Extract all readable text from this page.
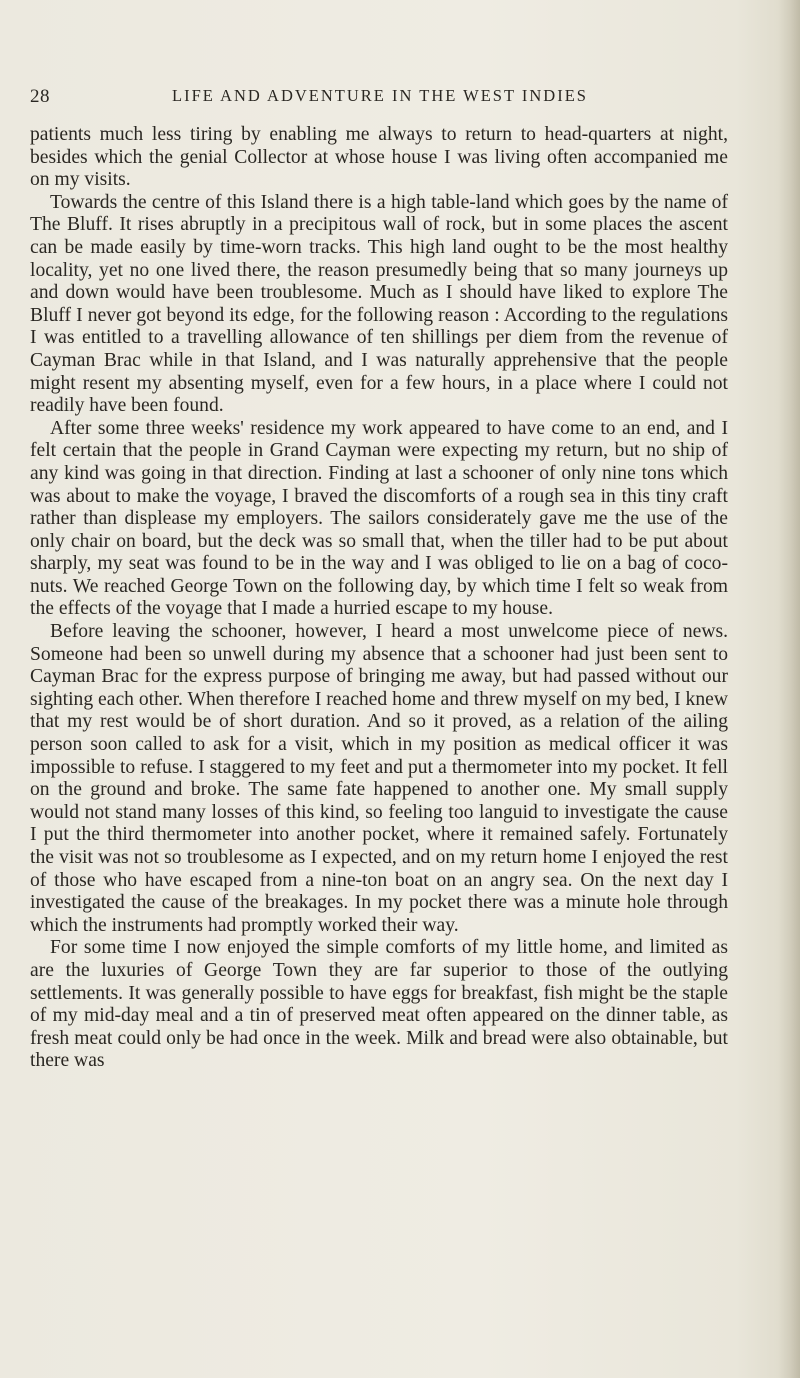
28	LIFE AND ADVENTURE IN THE WEST INDIES

patients much less tiring by enabling me always to return to head-quarters at night, besides which the genial Collector at whose house I was living often accompanied me on my visits.

Towards the centre of this Island there is a high table-land which goes by the name of The Bluff. It rises abruptly in a precipitous wall of rock, but in some places the ascent can be made easily by time-worn tracks. This high land ought to be the most healthy locality, yet no one lived there, the reason presumedly being that so many journeys up and down would have been troublesome. Much as I should have liked to explore The Bluff I never got beyond its edge, for the following reason : According to the regulations I was entitled to a travelling allowance of ten shillings per diem from the revenue of Cayman Brac while in that Island, and I was naturally apprehensive that the people might resent my absenting myself, even for a few hours, in a place where I could not readily have been found.

After some three weeks' residence my work appeared to have come to an end, and I felt certain that the people in Grand Cayman were expecting my return, but no ship of any kind was going in that direction. Finding at last a schooner of only nine tons which was about to make the voyage, I braved the discomforts of a rough sea in this tiny craft rather than displease my employers. The sailors considerately gave me the use of the only chair on board, but the deck was so small that, when the tiller had to be put about sharply, my seat was found to be in the way and I was obliged to lie on a bag of coco-nuts. We reached George Town on the following day, by which time I felt so weak from the effects of the voyage that I made a hurried escape to my house.

Before leaving the schooner, however, I heard a most unwelcome piece of news. Someone had been so unwell during my absence that a schooner had just been sent to Cayman Brac for the express purpose of bringing me away, but had passed without our sighting each other. When therefore I reached home and threw myself on my bed, I knew that my rest would be of short duration. And so it proved, as a relation of the ailing person soon called to ask for a visit, which in my position as medical officer it was impossible to refuse. I staggered to my feet and put a thermometer into my pocket. It fell on the ground and broke. The same fate happened to another one. My small supply would not stand many losses of this kind, so feeling too languid to investigate the cause I put the third thermometer into another pocket, where it remained safely. Fortunately the visit was not so troublesome as I expected, and on my return home I enjoyed the rest of those who have escaped from a nine-ton boat on an angry sea. On the next day I investigated the cause of the breakages. In my pocket there was a minute hole through which the instruments had promptly worked their way.

For some time I now enjoyed the simple comforts of my little home, and limited as are the luxuries of George Town they are far superior to those of the outlying settlements. It was generally possible to have eggs for breakfast, fish might be the staple of my mid-day meal and a tin of preserved meat often appeared on the dinner table, as fresh meat could only be had once in the week. Milk and bread were also obtainable, but there was
